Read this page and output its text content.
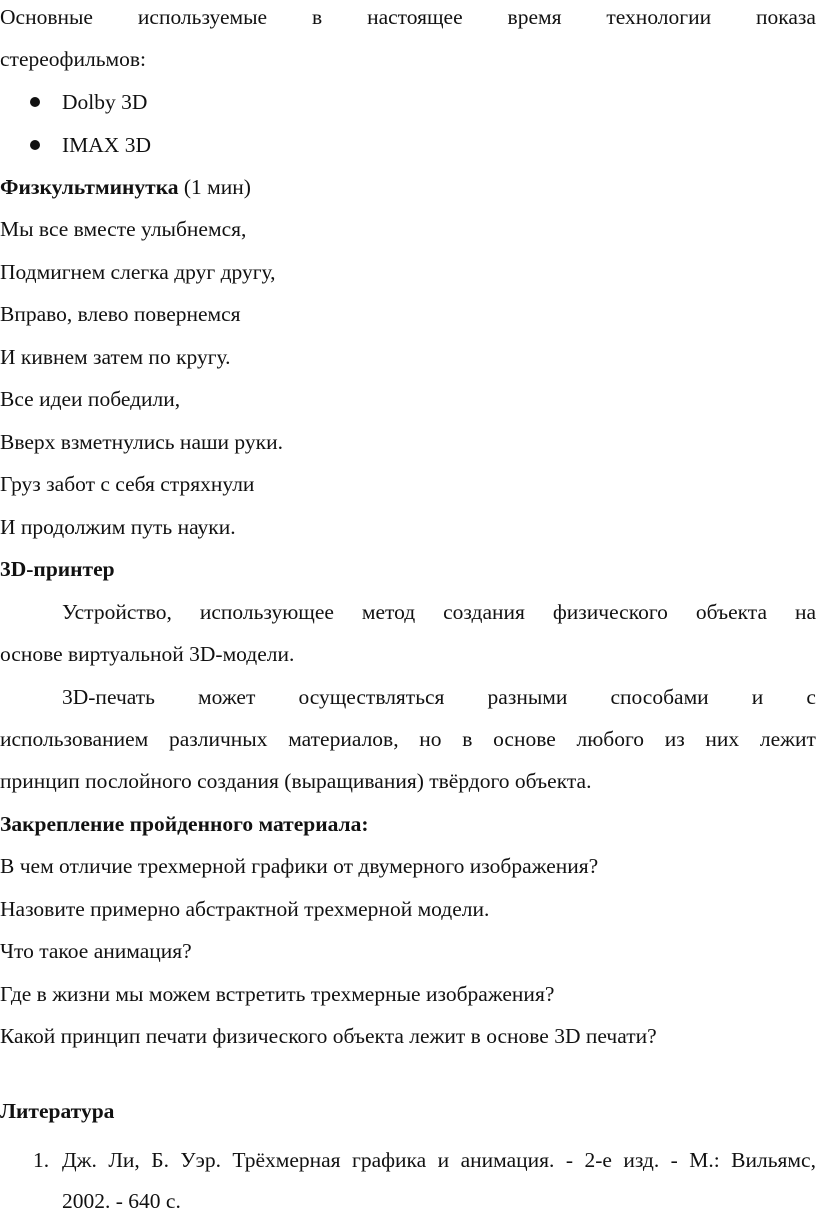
Основные используемые в настоящее время технологии показа
стереофильмов:
Dolby 3D
IMAX 3D
Физкультминутка (1 мин)
Мы все вместе улыбнемся,
Подмигнем слегка друг другу,
Вправо, влево повернемся
И кивнем затем по кругу.
Все идеи победили,
Вверх взметнулись наши руки.
Груз забот с себя стряхнули
И продолжим путь науки.
3D-принтер
Устройство, использующее метод создания физического объекта на
основе виртуальной 3D-модели.
3D-печать может осуществляться разными способами и с
использованием различных материалов, но в основе любого из них лежит
принцип послойного создания (выращивания) твёрдого объекта.
Закрепление пройденного материала:
В чем отличие трехмерной графики от двумерного изображения?
Назовите примерно абстрактной трехмерной модели.
Что такое анимация?
Где в жизни мы можем встретить трехмерные изображения?
Какой принцип печати физического объекта лежит в основе 3D печати?
Литература
1. Дж. Ли, Б. Уэр. Трёхмерная графика и анимация. - 2-е изд. - М.: Вильямс,
2002. - 640 с.
